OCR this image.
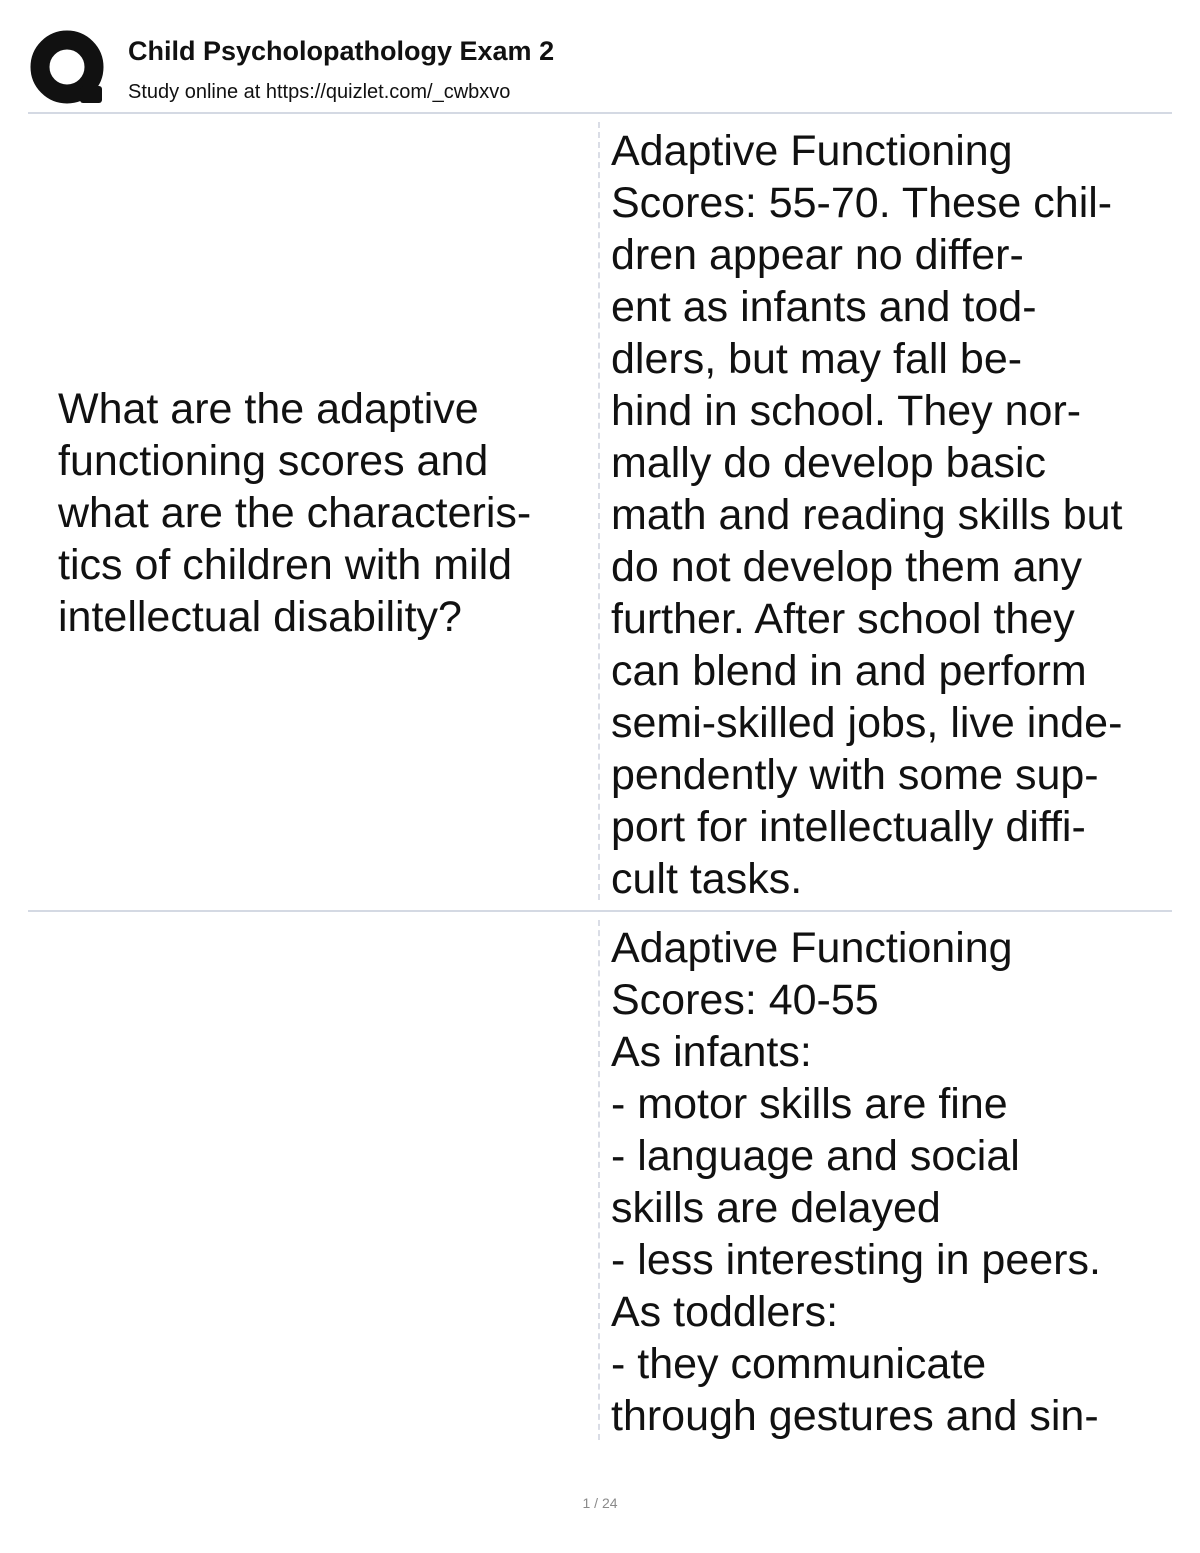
Child Psycholopathology Exam 2
Study online at https://quizlet.com/_cwbxvo
What are the adaptive functioning scores and what are the characteris- tics of children with mild intellectual disability?
Adaptive Functioning
Scores: 55-70. These chil-
dren appear no differ-
ent as infants and tod-
dlers, but may fall be-
hind in school. They nor-
mally do develop basic
math and reading skills but
do not develop them any
further. After school they
can blend in and perform
semi-skilled jobs, live inde-
pendently with some sup-
port for intellectually diffi-
cult tasks.
Adaptive Functioning
Scores: 40-55
As infants:
- motor skills are fine
- language and social
skills are delayed
- less interesting in peers.
As toddlers:
- they communicate
through gestures and sin-
1 / 24
